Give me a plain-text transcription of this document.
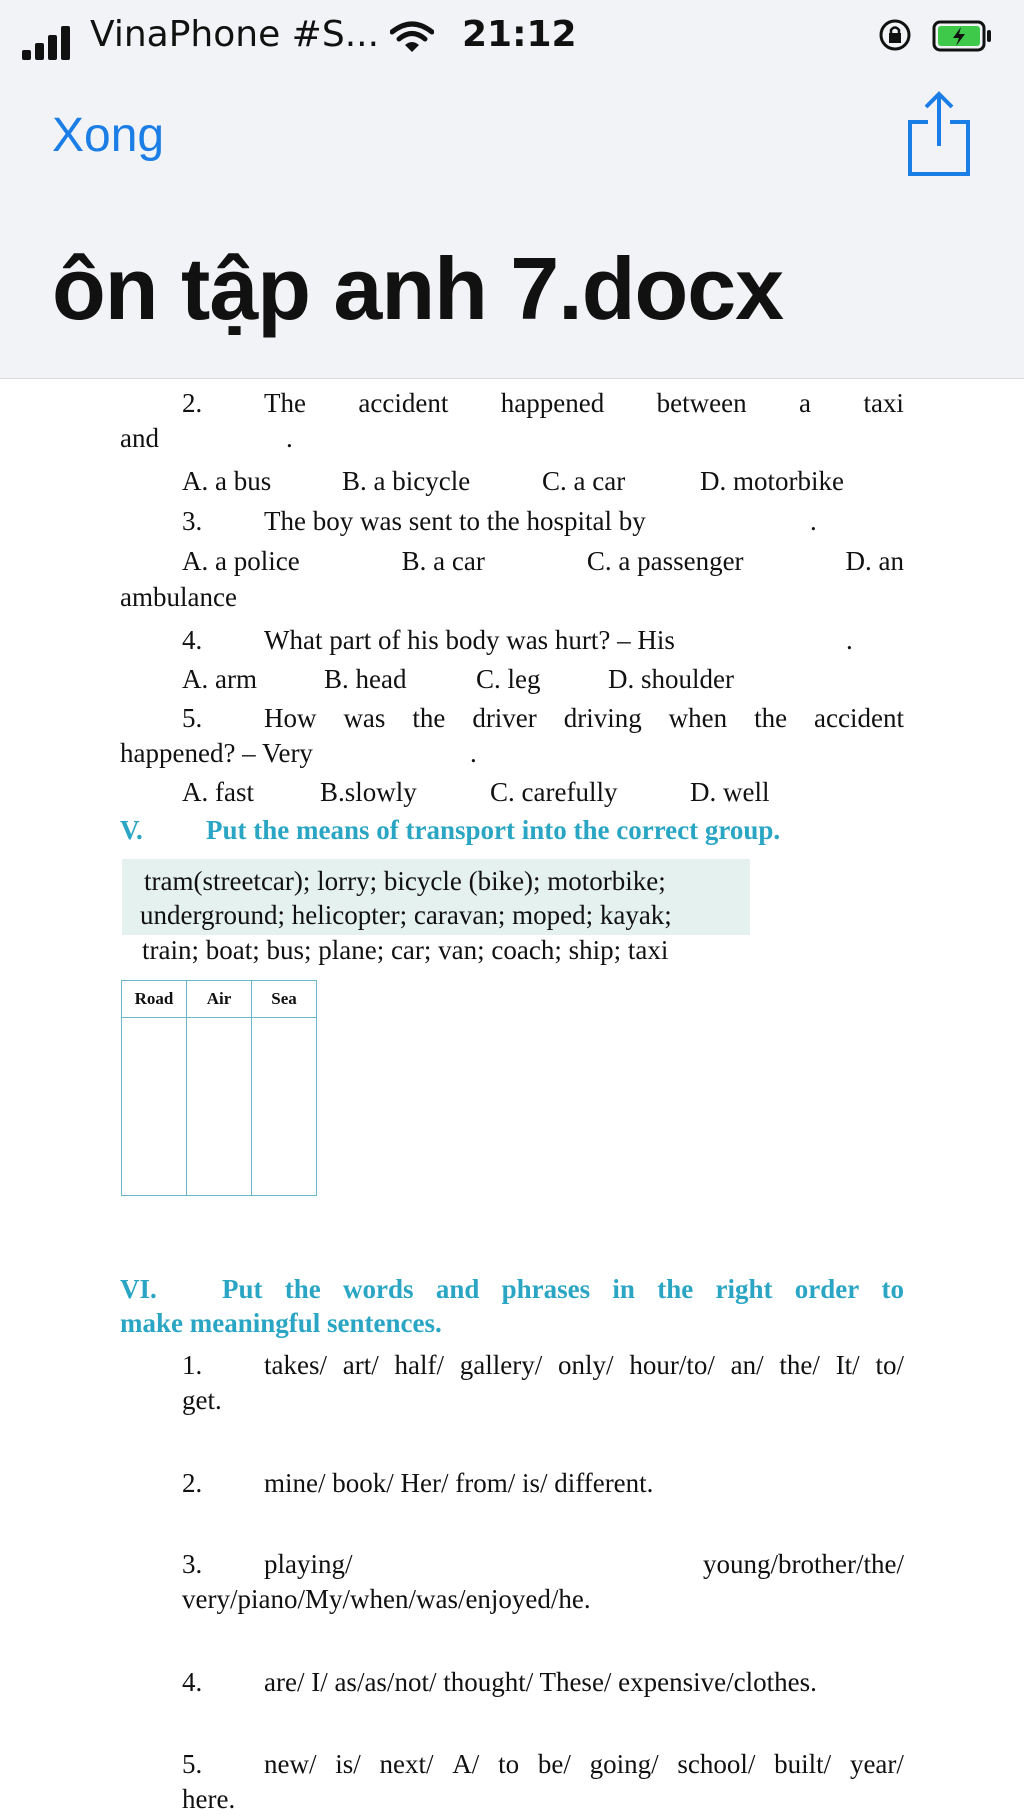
VinaPhone #S... 21:12
Xong
ôn tập anh 7.docx
2. The accident happened between a taxi
and	.
A. a bus	B. a bicycle	C. a car	D. motorbike
3. The boy was sent to the hospital by	.
A. a police	B. a car	C. a passenger	D. an
ambulance
4. What part of his body was hurt? – His	.
A. arm B. head	C. leg	D. shoulder
5. How was the driver driving when the accident
happened? – Very	.
A. fast B.slowly	C. carefully	D. well
V. Put the means of transport into the correct group.
tram(streetcar); lorry; bicycle (bike); motorbike;
underground; helicopter; caravan; moped; kayak;
train; boat; bus; plane; car; van; coach; ship; taxi
Road	Air	Sea

VI. Put the words and phrases in the right order to
make meaningful sentences.
1. takes/ art/ half/ gallery/ only/ hour/to/ an/ the/ It/ to/
get.
2. mine/ book/ Her/ from/ is/ different.
3. playing/	young/brother/the/
very/piano/My/when/was/enjoyed/he.
4. are/ I/ as/as/not/ thought/ These/ expensive/clothes.
5. new/ is/ next/ A/ to be/ going/ school/ built/ year/
here.
